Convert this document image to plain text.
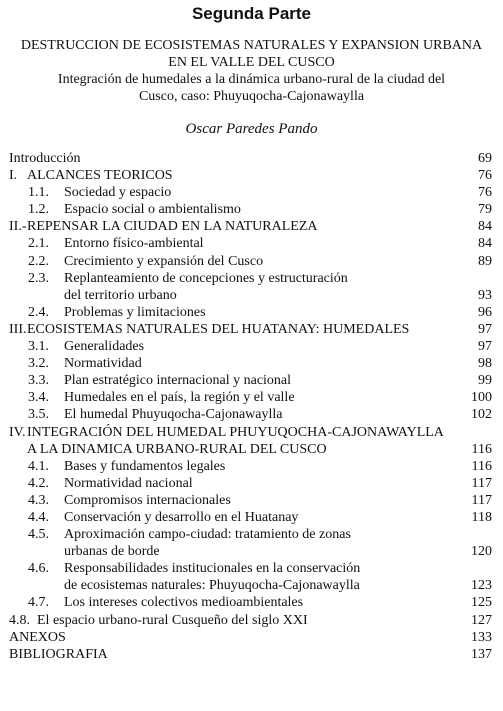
Segunda Parte
DESTRUCCION DE ECOSISTEMAS NATURALES Y EXPANSION URBANA
EN EL VALLE DEL CUSCO
Integración de humedales a la dinámica urbano-rural de la ciudad del
Cusco, caso: Phuyuqocha-Cajonawaylla
Oscar Paredes Pando
Introducción	69
I. ALCANCES TEORICOS	76
1.1. Sociedad y espacio	76
1.2. Espacio social o ambientalismo	79
II.- REPENSAR LA CIUDAD EN LA NATURALEZA	84
2.1. Entorno físico-ambiental	84
2.2. Crecimiento y expansión del Cusco	89
2.3. Replanteamiento de concepciones y estructuración
del territorio urbano	93
2.4. Problemas y limitaciones	96
III. ECOSISTEMAS NATURALES DEL HUATANAY: HUMEDALES	97
3.1. Generalidades	97
3.2. Normatividad	98
3.3. Plan estratégico internacional y nacional	99
3.4. Humedales en el país, la región y el valle	100
3.5. El humedal Phuyuqocha-Cajonawaylla	102
IV. INTEGRACIÓN DEL HUMEDAL PHUYUQOCHA-CAJONAWAYLLA
A LA DINAMICA URBANO-RURAL DEL CUSCO	116
4.1. Bases y fundamentos legales	116
4.2. Normatividad nacional	117
4.3. Compromisos internacionales	117
4.4. Conservación y desarrollo en el Huatanay	118
4.5. Aproximación campo-ciudad: tratamiento de zonas
urbanas de borde	120
4.6. Responsabilidades institucionales en la conservación
de ecosistemas naturales: Phuyuqocha-Cajonawaylla	123
4.7. Los intereses colectivos medioambientales	125
4.8. El espacio urbano-rural Cusqueño del siglo XXI	127
ANEXOS	133
BIBLIOGRAFIA	137
